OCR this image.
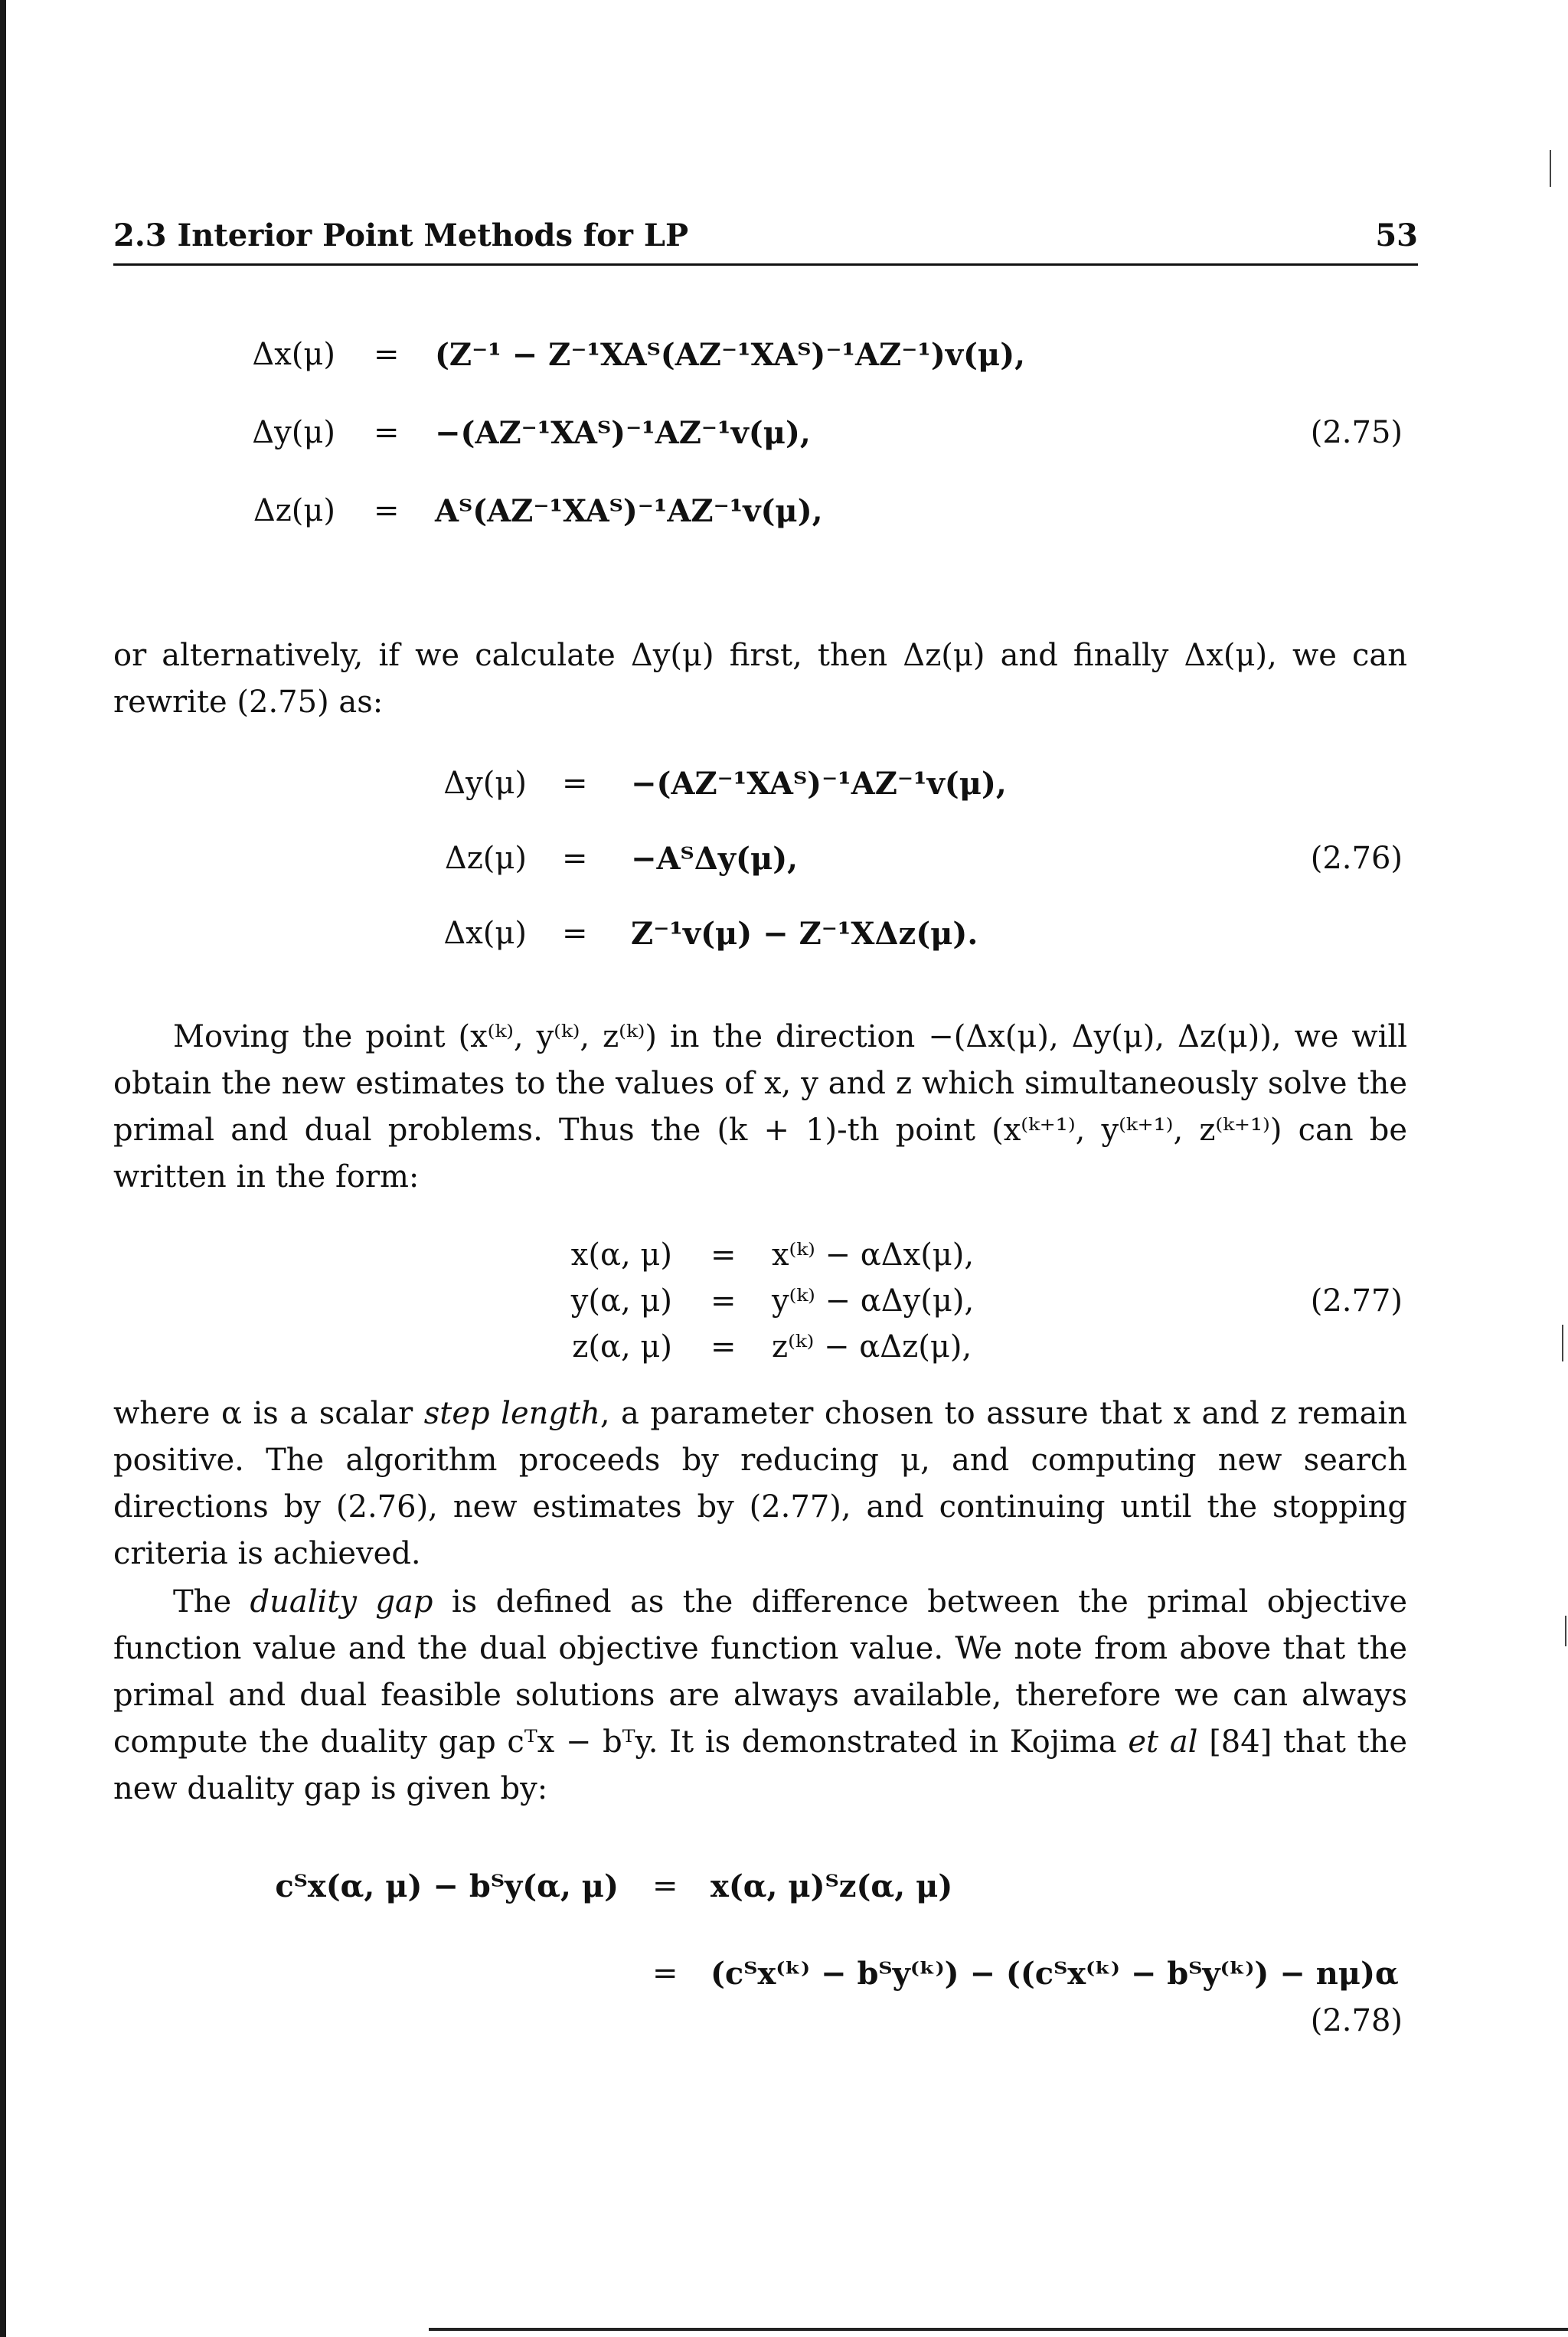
2.3 Interior Point Methods for LP	53
Δx(μ) = (Z⁻¹ − Z⁻¹XAᵀ(AZ⁻¹XAᵀ)⁻¹AZ⁻¹)v(μ),
Δy(μ) = −(AZ⁻¹XAᵀ)⁻¹AZ⁻¹v(μ),	(2.75)
Δz(μ) = Aᵀ(AZ⁻¹XAᵀ)⁻¹AZ⁻¹v(μ),
or alternatively, if we calculate Δy(μ) first, then Δz(μ) and finally Δx(μ), we can rewrite (2.75) as:
Δy(μ) = −(AZ⁻¹XAᵀ)⁻¹AZ⁻¹v(μ),
Δz(μ) = −AᵀΔy(μ),	(2.76)
Δx(μ) = Z⁻¹v(μ) − Z⁻¹XΔz(μ).
Moving the point (x⁽ᵏ⁾, y⁽ᵏ⁾, z⁽ᵏ⁾) in the direction −(Δx(μ), Δy(μ), Δz(μ)), we will obtain the new estimates to the values of x, y and z which simultaneously solve the primal and dual problems. Thus the (k + 1)-th point (x⁽ᵏ⁺¹⁾, y⁽ᵏ⁺¹⁾, z⁽ᵏ⁺¹⁾) can be written in the form:
x(α, μ) = x⁽ᵏ⁾ − αΔx(μ),
y(α, μ) = y⁽ᵏ⁾ − αΔy(μ),	(2.77)
z(α, μ) = z⁽ᵏ⁾ − αΔz(μ),
where α is a scalar step length, a parameter chosen to assure that x and z remain positive. The algorithm proceeds by reducing μ, and computing new search directions by (2.76), new estimates by (2.77), and continuing until the stopping criteria is achieved.
The duality gap is defined as the difference between the primal objective function value and the dual objective function value. We note from above that the primal and dual feasible solutions are always available, therefore we can always compute the duality gap cᵀx − bᵀy. It is demonstrated in Kojima et al [84] that the new duality gap is given by:
cᵀx(α, μ) − bᵀy(α, μ) = x(α, μ)ᵀz(α, μ)
= (cᵀx⁽ᵏ⁾ − bᵀy⁽ᵏ⁾) − ((cᵀx⁽ᵏ⁾ − bᵀy⁽ᵏ⁾) − nμ)α
(2.78)
